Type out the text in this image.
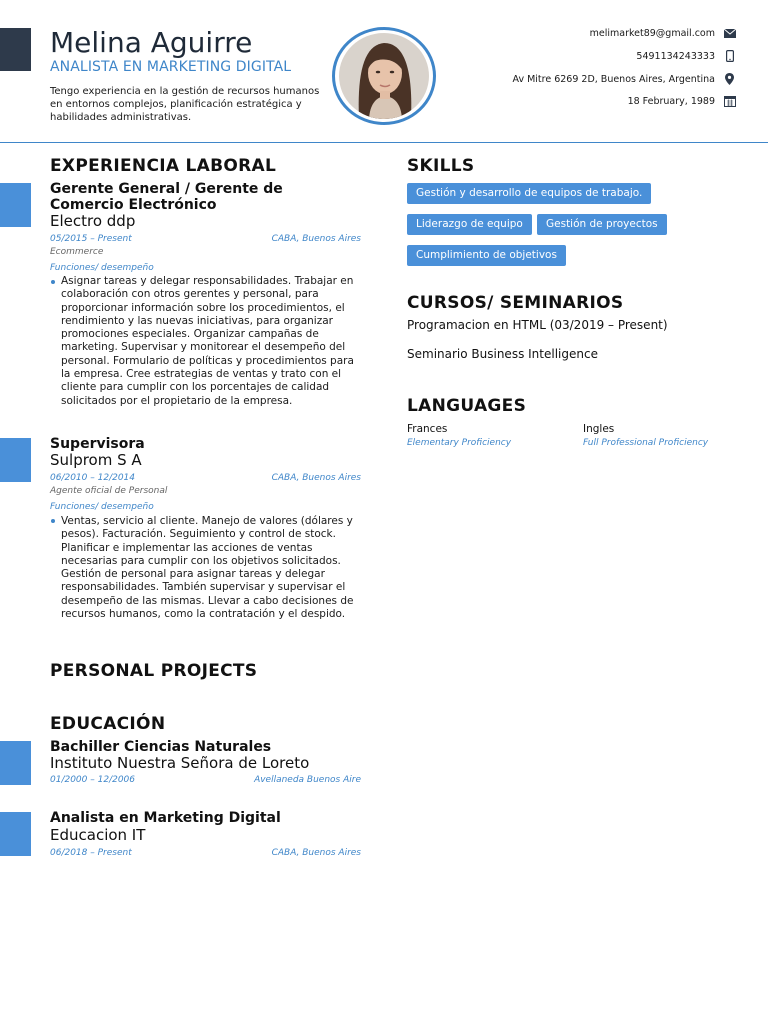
Melina Aguirre
ANALISTA EN MARKETING DIGITAL
Tengo experiencia en la gestión de recursos humanos en entornos complejos, planificación estratégica y habilidades administrativas.
melimarket89@gmail.com
5491134243333
Av Mitre 6269 2D, Buenos Aires, Argentina
18 February, 1989
EXPERIENCIA LABORAL
Gerente General / Gerente de Comercio Electrónico
Electro ddp
05/2015 – Present	CABA, Buenos Aires
Ecommerce
Funciones/ desempeño
Asignar tareas y delegar responsabilidades. Trabajar en colaboración con otros gerentes y personal, para proporcionar información sobre los procedimientos, el rendimiento y las nuevas iniciativas, para organizar promociones especiales. Organizar campañas de marketing. Supervisar y monitorear el desempeño del personal. Formulario de políticas y procedimientos para la empresa. Cree estrategias de ventas y trato con el cliente para cumplir con los porcentajes de calidad solicitados por el propietario de la empresa.
Supervisora
Sulprom S A
06/2010 – 12/2014	CABA, Buenos Aires
Agente oficial de Personal
Funciones/ desempeño
Ventas, servicio al cliente. Manejo de valores (dólares y pesos). Facturación. Seguimiento y control de stock. Planificar e implementar las acciones de ventas necesarias para cumplir con los objetivos solicitados. Gestión de personal para asignar tareas y delegar responsabilidades. También supervisar y supervisar el desempeño de las mismas. Llevar a cabo decisiones de recursos humanos, como la contratación y el despido.
PERSONAL PROJECTS
EDUCACIÓN
Bachiller Ciencias Naturales
Instituto Nuestra Señora de Loreto
01/2000 – 12/2006	Avellaneda Buenos Aire
Analista en Marketing Digital
Educacion IT
06/2018 – Present	CABA, Buenos Aires
SKILLS
Gestión y desarrollo de equipos de trabajo.
Liderazgo de equipo	Gestión de proyectos
Cumplimiento de objetivos
CURSOS/ SEMINARIOS
Programacion en HTML (03/2019 – Present)
Seminario Business Intelligence
LANGUAGES
Frances
Elementary Proficiency
Ingles
Full Professional Proficiency
